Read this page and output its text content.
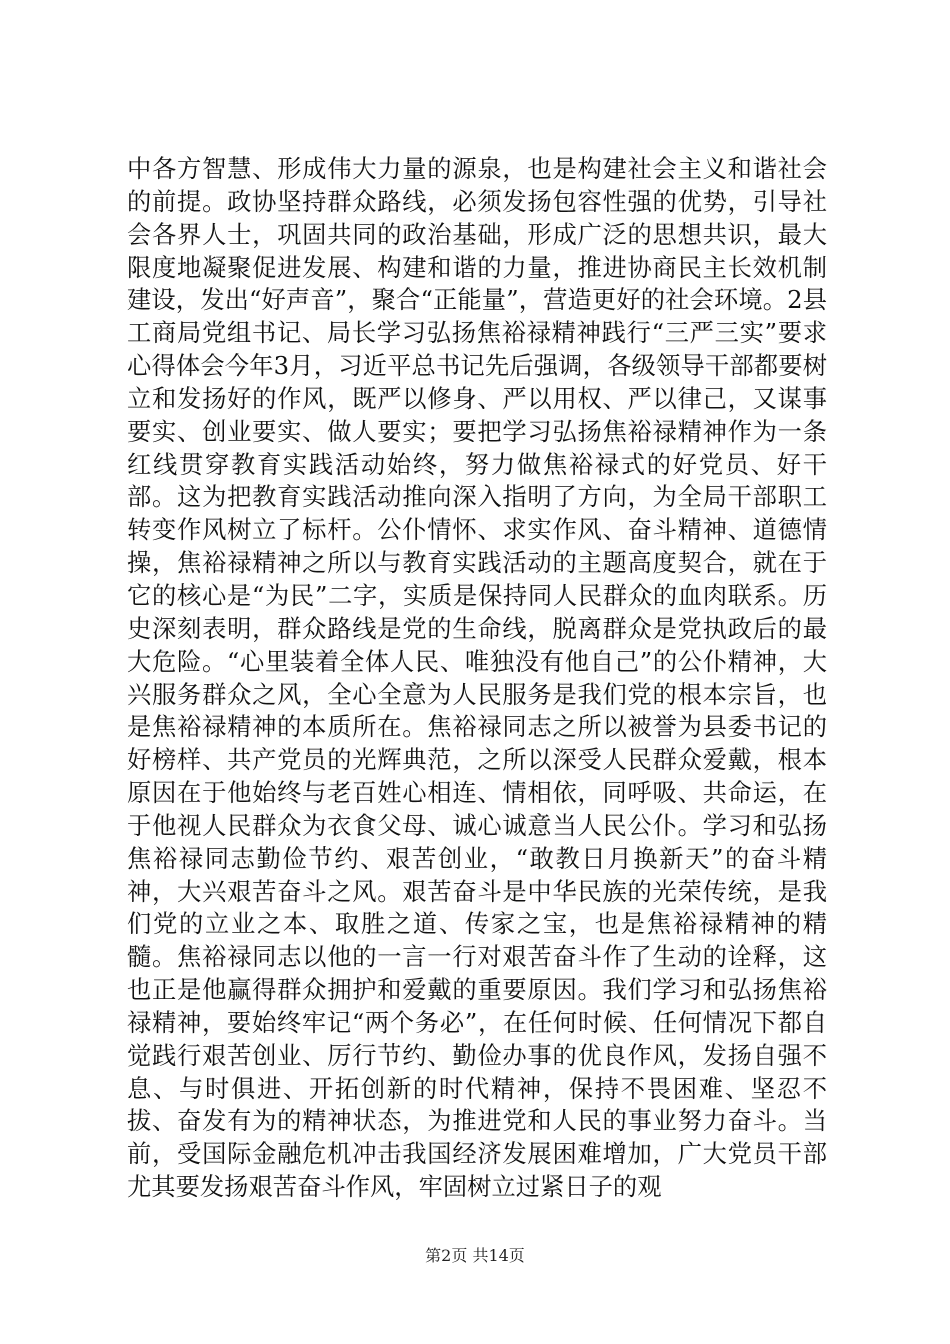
中各方智慧、形成伟大力量的源泉，也是构建社会主义和谐社会的前提。政协坚持群众路线，必须发扬包容性强的优势，引导社会各界人士，巩固共同的政治基础，形成广泛的思想共识，最大限度地凝聚促进发展、构建和谐的力量，推进协商民主长效机制建设，发出“好声音”，聚合“正能量”，营造更好的社会环境。2县工商局党组书记、局长学习弘扬焦裕禄精神践行“三严三实”要求心得体会今年3月，习近平总书记先后强调，各级领导干部都要树立和发扬好的作风，既严以修身、严以用权、严以律己，又谋事要实、创业要实、做人要实；要把学习弘扬焦裕禄精神作为一条红线贯穿教育实践活动始终，努力做焦裕禄式的好党员、好干部。这为把教育实践活动推向深入指明了方向，为全局干部职工转变作风树立了标杆。公仆情怀、求实作风、奋斗精神、道德情操，焦裕禄精神之所以与教育实践活动的主题高度契合，就在于它的核心是“为民”二字，实质是保持同人民群众的血肉联系。历史深刻表明，群众路线是党的生命线，脱离群众是党执政后的最大危险。“心里装着全体人民、唯独没有他自己”的公仆精神，大兴服务群众之风，全心全意为人民服务是我们党的根本宗旨，也是焦裕禄精神的本质所在。焦裕禄同志之所以被誉为县委书记的好榜样、共产党员的光辉典范，之所以深受人民群众爱戴，根本原因在于他始终与老百姓心相连、情相依，同呼吸、共命运，在于他视人民群众为衣食父母、诚心诚意当人民公仆。学习和弘扬焦裕禄同志勤俭节约、艰苦创业，“敢教日月换新天”的奋斗精神，大兴艰苦奋斗之风。艰苦奋斗是中华民族的光荣传统，是我们党的立业之本、取胜之道、传家之宝，也是焦裕禄精神的精髓。焦裕禄同志以他的一言一行对艰苦奋斗作了生动的诠释，这也正是他赢得群众拥护和爱戴的重要原因。我们学习和弘扬焦裕禄精神，要始终牢记“两个务必”，在任何时候、任何情况下都自觉践行艰苦创业、厉行节约、勤俭办事的优良作风，发扬自强不息、与时俱进、开拓创新的时代精神，保持不畏困难、坚忍不拔、奋发有为的精神状态，为推进党和人民的事业努力奋斗。当前，受国际金融危机冲击我国经济发展困难增加，广大党员干部尤其要发扬艰苦奋斗作风，牢固树立过紧日子的观

第2页 共14页
